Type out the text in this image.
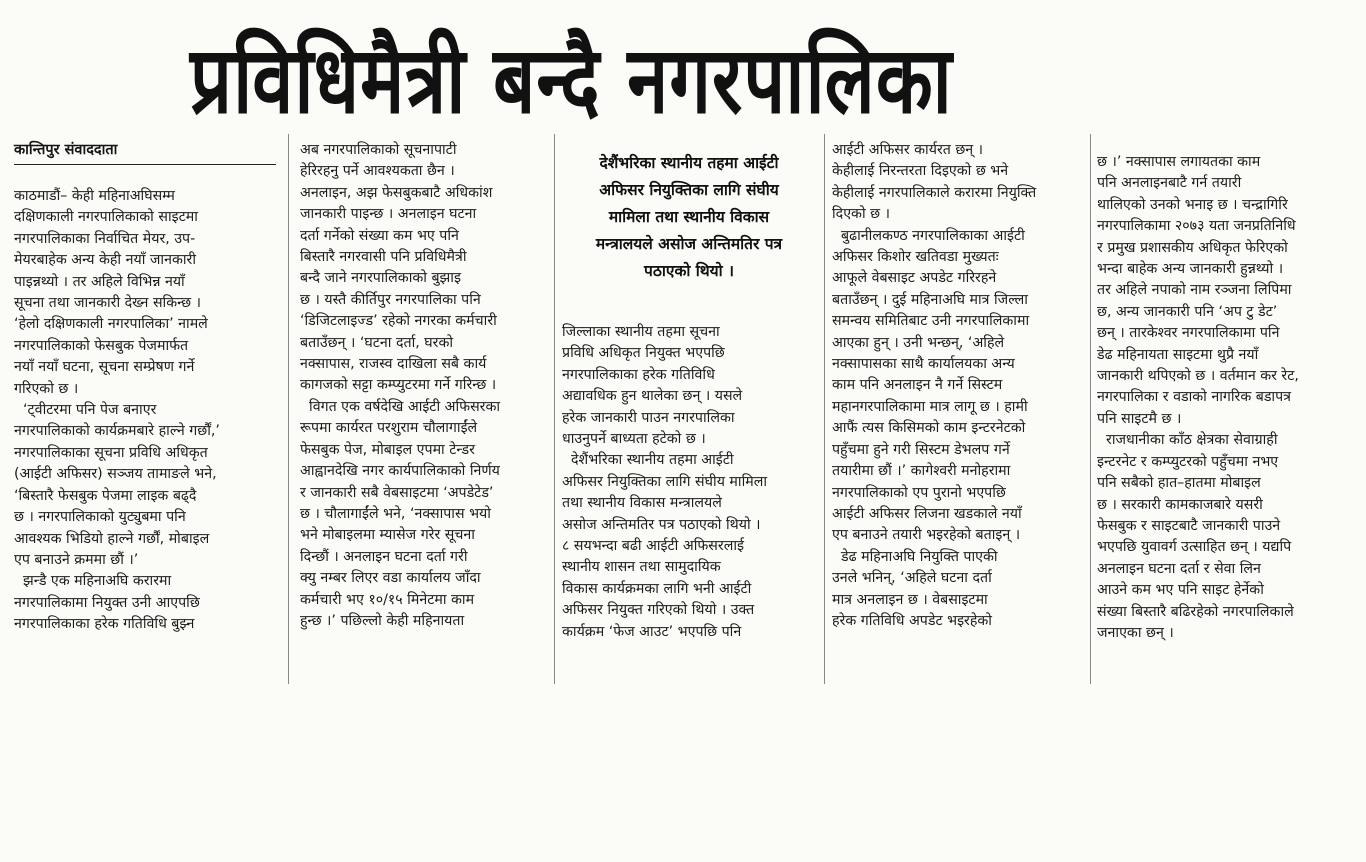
प्रविधिमैत्री बन्दै नगरपालिका
कान्तिपुर संवाददाता
काठमाडौं– केही महिनाअघिसम्म
दक्षिणकाली नगरपालिकाको साइटमा
नगरपालिकाका निर्वाचित मेयर, उप-
मेयरबाहेक अन्य केही नयाँ जानकारी
पाइन्नथ्यो । तर अहिले विभिन्न नयाँ
सूचना तथा जानकारी देख्न सकिन्छ ।
‘हेलो दक्षिणकाली नगरपालिका’ नामले
नगरपालिकाको फेसबुक पेजमार्फत
नयाँ नयाँ घटना, सूचना सम्प्रेषण गर्ने
गरिएको छ ।
‘ट्वीटरमा पनि पेज बनाएर
नगरपालिकाको कार्यक्रमबारे हाल्ने गर्छौं,’
नगरपालिकाका सूचना प्रविधि अधिकृत
(आईटी अफिसर) सञ्जय तामाङले भने,
‘बिस्तारै फेसबुक पेजमा लाइक बढ्दै
छ । नगरपालिकाको युट्युबमा पनि
आवश्यक भिडियो हाल्ने गर्छौं, मोबाइल
एप बनाउने क्रममा छौं ।’
झन्डै एक महिनाअघि करारमा
नगरपालिकामा नियुक्त उनी आएपछि
नगरपालिकाका हरेक गतिविधि बुझ्न
अब नगरपालिकाको सूचनापाटी
हेरिरहनु पर्ने आवश्यकता छैन ।
अनलाइन, अझ फेसबुकबाटै अधिकांश
जानकारी पाइन्छ । अनलाइन घटना
दर्ता गर्नेको संख्या कम भए पनि
बिस्तारै नगरवासी पनि प्रविधिमैत्री
बन्दै जाने नगरपालिकाको बुझाइ
छ । यस्तै कीर्तिपुर नगरपालिका पनि
‘डिजिटलाइज्ड’ रहेको नगरका कर्मचारी
बताउँछन् । ‘घटना दर्ता, घरको
नक्सापास, राजस्व दाखिला सबै कार्य
कागजको सट्टा कम्प्युटरमा गर्ने गरिन्छ ।
विगत एक वर्षदेखि आईटी अफिसरका
रूपमा कार्यरत परशुराम चौलागाईंले
फेसबुक पेज, मोबाइल एपमा टेन्डर
आह्वानदेखि नगर कार्यपालिकाको निर्णय
र जानकारी सबै वेबसाइटमा ‘अपडेटेड’
छ । चौलागाईंले भने, ‘नक्सापास भयो
भने मोबाइलमा म्यासेज गरेर सूचना
दिन्छौं । अनलाइन घटना दर्ता गरी
क्यु नम्बर लिएर वडा कार्यालय जाँदा
कर्मचारी भए १०/१५ मिनेटमा काम
हुन्छ ।’ पछिल्लो केही महिनायता
देशैंभरिका स्थानीय तहमा आईटी
अफिसर नियुक्तिका लागि संघीय
मामिला तथा स्थानीय विकास
मन्त्रालयले असोज अन्तिमतिर पत्र
पठाएको थियो ।
जिल्लाका स्थानीय तहमा सूचना
प्रविधि अधिकृत नियुक्त भएपछि
नगरपालिकाका हरेक गतिविधि
अद्यावधिक हुन थालेका छन् । यसले
हरेक जानकारी पाउन नगरपालिका
धाउनुपर्ने बाध्यता हटेको छ ।
देशैंभरिका स्थानीय तहमा आईटी
अफिसर नियुक्तिका लागि संघीय मामिला
तथा स्थानीय विकास मन्त्रालयले
असोज अन्तिमतिर पत्र पठाएको थियो ।
८ सयभन्दा बढी आईटी अफिसरलाई
स्थानीय शासन तथा सामुदायिक
विकास कार्यक्रमका लागि भनी आईटी
अफिसर नियुक्त गरिएको थियो । उक्त
कार्यक्रम ‘फेज आउट’ भएपछि पनि
आईटी अफिसर कार्यरत छन् ।
केहीलाई निरन्तरता दिइएको छ भने
केहीलाई नगरपालिकाले करारमा नियुक्ति
दिएको छ ।
बुढानीलकण्ठ नगरपालिकाका आईटी
अफिसर किशोर खतिवडा मुख्यतः
आफूले वेबसाइट अपडेट गरिरहने
बताउँछन् । दुई महिनाअघि मात्र जिल्ला
समन्वय समितिबाट उनी नगरपालिकामा
आएका हुन् । उनी भन्छन्, ‘अहिले
नक्सापासका साथै कार्यालयका अन्य
काम पनि अनलाइन नै गर्ने सिस्टम
महानगरपालिकामा मात्र लागू छ । हामी
आफैं त्यस किसिमको काम इन्टरनेटको
पहुँचमा हुने गरी सिस्टम डेभलप गर्ने
तयारीमा छौं ।’ कागेश्वरी मनोहरामा
नगरपालिकाको एप पुरानो भएपछि
आईटी अफिसर लिजना खडकाले नयाँ
एप बनाउने तयारी भइरहेको बताइन् ।
डेढ महिनाअघि नियुक्ति पाएकी
उनले भनिन्, ‘अहिले घटना दर्ता
मात्र अनलाइन छ । वेबसाइटमा
हरेक गतिविधि अपडेट भइरहेको
छ ।’ नक्सापास लगायतका काम
पनि अनलाइनबाटै गर्न तयारी
थालिएको उनको भनाइ छ । चन्द्रागिरि
नगरपालिकामा २०७३ यता जनप्रतिनिधि
र प्रमुख प्रशासकीय अधिकृत फेरिएको
भन्दा बाहेक अन्य जानकारी हुन्नथ्यो ।
तर अहिले नपाको नाम रञ्जना लिपिमा
छ, अन्य जानकारी पनि ‘अप टु डेट’
छन् । तारकेश्वर नगरपालिकामा पनि
डेढ महिनायता साइटमा थुप्रै नयाँ
जानकारी थपिएको छ । वर्तमान कर रेट,
नगरपालिका र वडाको नागरिक बडापत्र
पनि साइटमै छ ।
राजधानीका काँठ क्षेत्रका सेवाग्राही
इन्टरनेट र कम्प्युटरको पहुँचमा नभए
पनि सबैको हात–हातमा मोबाइल
छ । सरकारी कामकाजबारे यसरी
फेसबुक र साइटबाटै जानकारी पाउने
भएपछि युवावर्ग उत्साहित छन् । यद्यपि
अनलाइन घटना दर्ता र सेवा लिन
आउने कम भए पनि साइट हेर्नेको
संख्या बिस्तारै बढिरहेको नगरपालिकाले
जनाएका छन् ।
